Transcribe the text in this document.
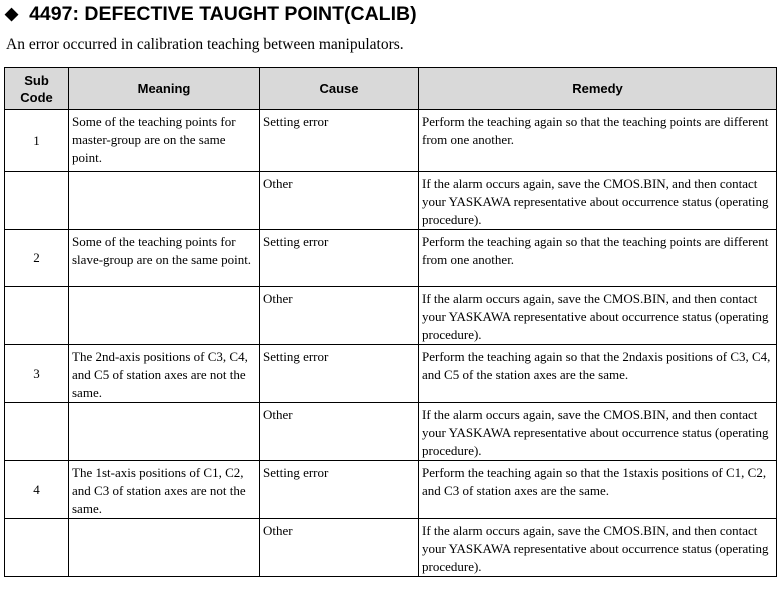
◆ 4497: DEFECTIVE TAUGHT POINT(CALIB)
An error occurred in calibration teaching between manipulators.
Sub
Code	Meaning	Cause	Remedy
1	Some of the teaching points for master-group are on the same point.	Setting error	Perform the teaching again so that the teaching points are different from one another.
		Other	If the alarm occurs again, save the CMOS.BIN, and then contact your YASKAWA representative about occurrence status (operating procedure).
2	Some of the teaching points for slave-group are on the same point.	Setting error	Perform the teaching again so that the teaching points are different from one another.
		Other	If the alarm occurs again, save the CMOS.BIN, and then contact your YASKAWA representative about occurrence status (operating procedure).
3	The 2nd-axis positions of C3, C4, and C5 of station axes are not the same.	Setting error	Perform the teaching again so that the 2ndaxis positions of C3, C4, and C5 of the station axes are the same.
		Other	If the alarm occurs again, save the CMOS.BIN, and then contact your YASKAWA representative about occurrence status (operating procedure).
4	The 1st-axis positions of C1, C2, and C3 of station axes are not the same.	Setting error	Perform the teaching again so that the 1staxis positions of C1, C2, and C3 of station axes are the same.
		Other	If the alarm occurs again, save the CMOS.BIN, and then contact your YASKAWA representative about occurrence status (operating procedure).
